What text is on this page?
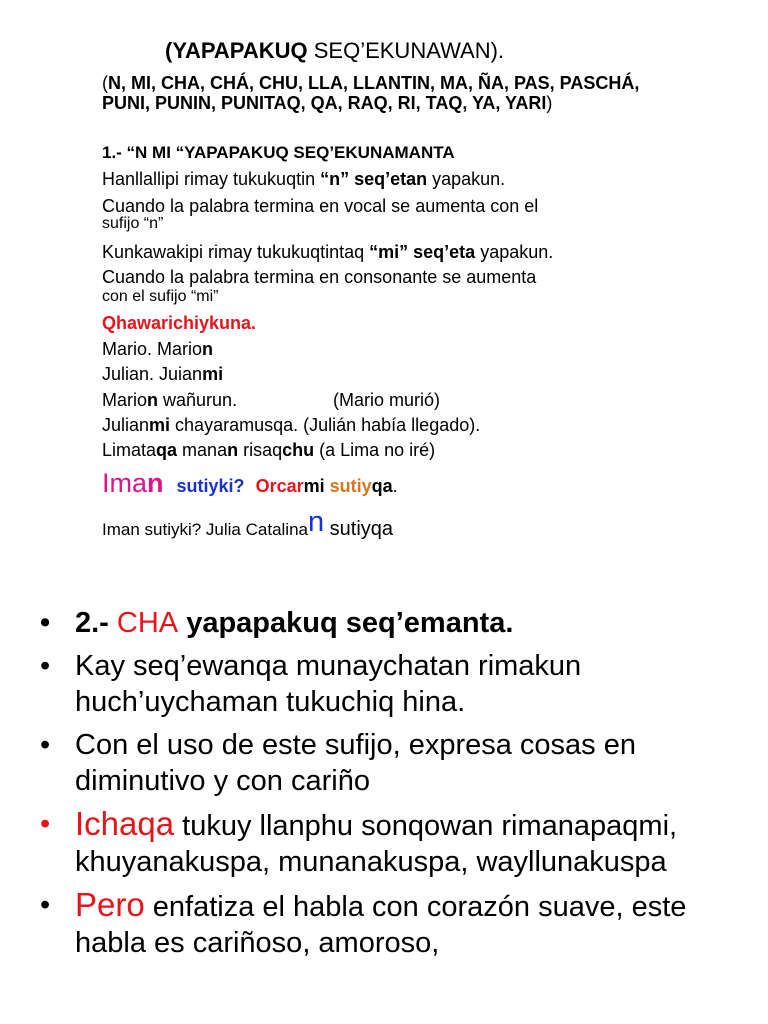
(YAPAPAKUQ SEQ’EKUNAWAN).
(N, MI, CHA, CHÁ, CHU, LLA, LLANTIN, MA, ÑA, PAS, PASCHÁ, PUNI, PUNIN, PUNITAQ, QA, RAQ, RI, TAQ, YA, YARI)
1.- “N MI “YAPAPAKUQ SEQ’EKUNAMANTA
Hanllallipi rimay tukukuqtin “n” seq’etan yapakun.
Cuando la palabra termina en vocal se aumenta con el
sufijo “n”
Kunkawakipi rimay tukukuqtintaq “mi” seq’eta yapakun.
Cuando la palabra termina en consonante se aumenta
con el sufijo “mi”
Qhawarichiykuna.
Mario. Marion
Julian. Juianmi
Marion wañurun.	(Mario murió)
Julianmi chayaramusqa. (Julián había llegado).
Limataqa manan risaqchu (a Lima no iré)
Iman sutiyki? Orcarmi sutiyqa.
Iman sutiyki? Julia Catalinan sutiyqa
• 2.- CHA yapapakuq seq’emanta.
• Kay seq’ewanqa munaychatan rimakun huch’uychaman tukuchiq hina.
• Con el uso de este sufijo, expresa cosas en diminutivo y con cariño
• Ichaqa tukuy llanphu sonqowan rimanapaqmi, khuyanakuspa, munanakuspa, wayllunakuspa
• Pero enfatiza el habla con corazón suave, este habla es cariñoso, amoroso,
